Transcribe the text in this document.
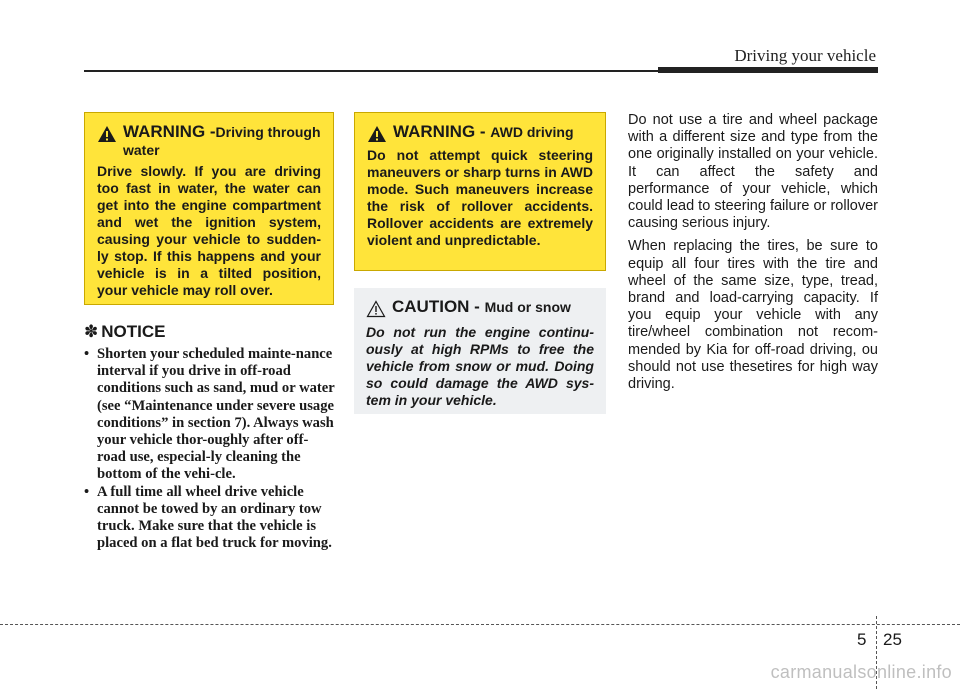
Driving your vehicle
WARNING -Driving through water
Drive slowly. If you are driving too fast in water, the water can get into the engine compartment and wet the ignition system, causing your vehicle to sudden-ly stop. If this happens and your vehicle is in a tilted position, your vehicle may roll over.
WARNING - AWD driving
Do not attempt quick steering maneuvers or sharp turns in AWD mode. Such maneuvers increase the risk of rollover accidents. Rollover accidents are extremely violent and unpredictable.
CAUTION - Mud or snow
Do not run the engine continu-ously at high RPMs to free the vehicle from snow or mud. Doing so could damage the AWD sys-tem in your vehicle.
✽ NOTICE
• Shorten your scheduled mainte-nance interval if you drive in off-road conditions such as sand, mud or water (see “Maintenance under severe usage conditions” in section 7). Always wash your vehicle thor-oughly after off-road use, especial-ly cleaning the bottom of the vehi-cle.
• A full time all wheel drive vehicle cannot be towed by an ordinary tow truck. Make sure that the vehicle is placed on a flat bed truck for moving.

Do not use a tire and wheel package with a different size and type from the one originally installed on your vehicle. It can affect the safety and performance of your vehicle, which could lead to steering failure or rollover causing serious injury.

When replacing the tires, be sure to equip all four tires with the tire and wheel of the same size, type, tread, brand and load-carrying capacity. If you equip your vehicle with any tire/wheel combination not recom-mended by Kia for off-road driving, ou should not use thesetires for high way driving.

5 25
carmanualsonline.info
